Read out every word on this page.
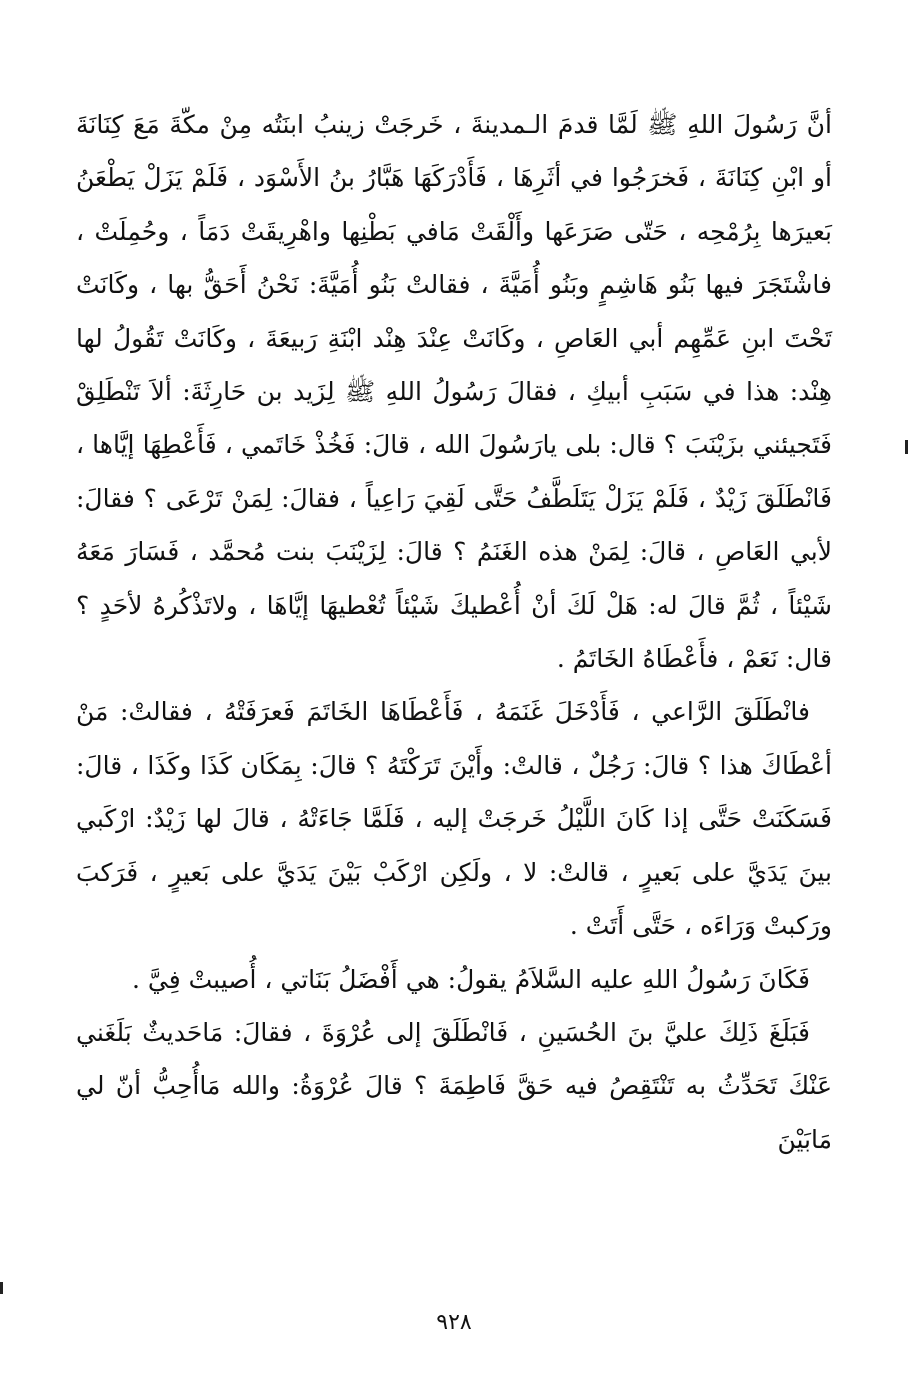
أنَّ رَسُولَ اللهِ ﷺ لَمَّا قدمَ الـمدينةَ ، خَرجَتْ زينبُ ابنَتُه مِنْ مكّةَ مَعَ كِنَانَةَ أو ابْنِ كِنَانَةَ ، فَخرَجُوا في أثَرِهَا ، فَأَدْرَكَهَا هَبَّارُ بنُ الأَسْوَد ، فَلَمْ يَزَلْ يَطْعَنُ بَعيرَها بِرُمْحِه ، حَتّى صَرَعَها وأَلْقَتْ مَافي بَطْنِها واهْرِيقَتْ دَمَاً ، وحُمِلَتْ ، فاشْتَجَرَ فيها بَنُو هَاشِمٍ وبَنُو أُمَيَّةَ ، فقالتْ بَنُو أُمَيَّةَ: نَحْنُ أَحَقُّ بها ، وكَانَتْ تَحْتَ ابنِ عَمِّهِم أبي العَاصِ ، وكَانَتْ عِنْدَ هِنْد ابْنَةِ رَبيعَةَ ، وكَانَتْ تَقُولُ لها هِنْد: هذا في سَبَبِ أبيكِ ، فقالَ رَسُولُ اللهِ ﷺ لِزَيد بن حَارِثَةَ: ألاَ تَنْطَلِقْ فَتَجيئني بزَيْنَبَ ؟ قال: بلى يارَسُولَ الله ، قالَ: فَخُذْ خَاتَمي ، فَأَعْطِهَا إيَّاها ، فَانْطَلَقَ زَيْدٌ ، فَلَمْ يَزَلْ يَتَلَطَّفُ حَتَّى لَقِيَ رَاعِياً ، فقالَ: لِمَنْ تَرْعَى ؟ فقالَ: لأبي العَاصِ ، قالَ: لِمَنْ هذه الغَنَمُ ؟ قالَ: لِزَيْنَبَ بنت مُحمَّد ، فَسَارَ مَعَهُ شَيْئاً ، ثُمَّ قالَ له: هَلْ لَكَ أنْ أُعْطيكَ شَيْئاً تُعْطيهَا إيَّاهَا ، ولاتَذْكُرهُ لأحَدٍ ؟ قال: نَعَمْ ، فأَعْطَاهُ الخَاتَمُ .

فانْطَلَقَ الرَّاعي ، فَأَدْخَلَ غَنَمَهُ ، فَأَعْطَاهَا الخَاتَمَ فَعرَفَتْهُ ، فقالتْ: مَنْ أعْطَاكَ هذا ؟ قالَ: رَجُلٌ ، قالتْ: وأَيْنَ تَرَكْتَهُ ؟ قالَ: بِمَكَان كَذَا وكَذَا ، قالَ: فَسَكَنَتْ حَتَّى إذا كَانَ اللَّيْلُ خَرجَتْ إليه ، فَلَمَّا جَاءَتْهُ ، قالَ لها زَيْدٌ: ارْكَبي بينَ يَدَيَّ على بَعيرٍ ، قالتْ: لا ، ولَكِن ارْكَبْ بَيْنَ يَدَيَّ على بَعيرٍ ، فَرَكبَ ورَكبتْ وَرَاءَه ، حَتَّى أَتَتْ .

فَكَانَ رَسُولُ اللهِ عليه السَّلاَمُ يقولُ: هي أَفْضَلُ بَنَاتي ، أُصيبتْ فِيَّ .

فَبَلَغَ ذَلِكَ عليَّ بنَ الحُسَينِ ، فَانْطَلَقَ إلى عُرْوَةَ ، فقالَ: مَاحَديثٌ بَلَغَني عَنْكَ تَحَدِّثُ به تَنْتَقِصُ فيه حَقَّ فَاطِمَةَ ؟ قالَ عُرْوَةُ: والله مَاأُحِبُّ أنّ لي مَابَيْنَ

٩٢٨
